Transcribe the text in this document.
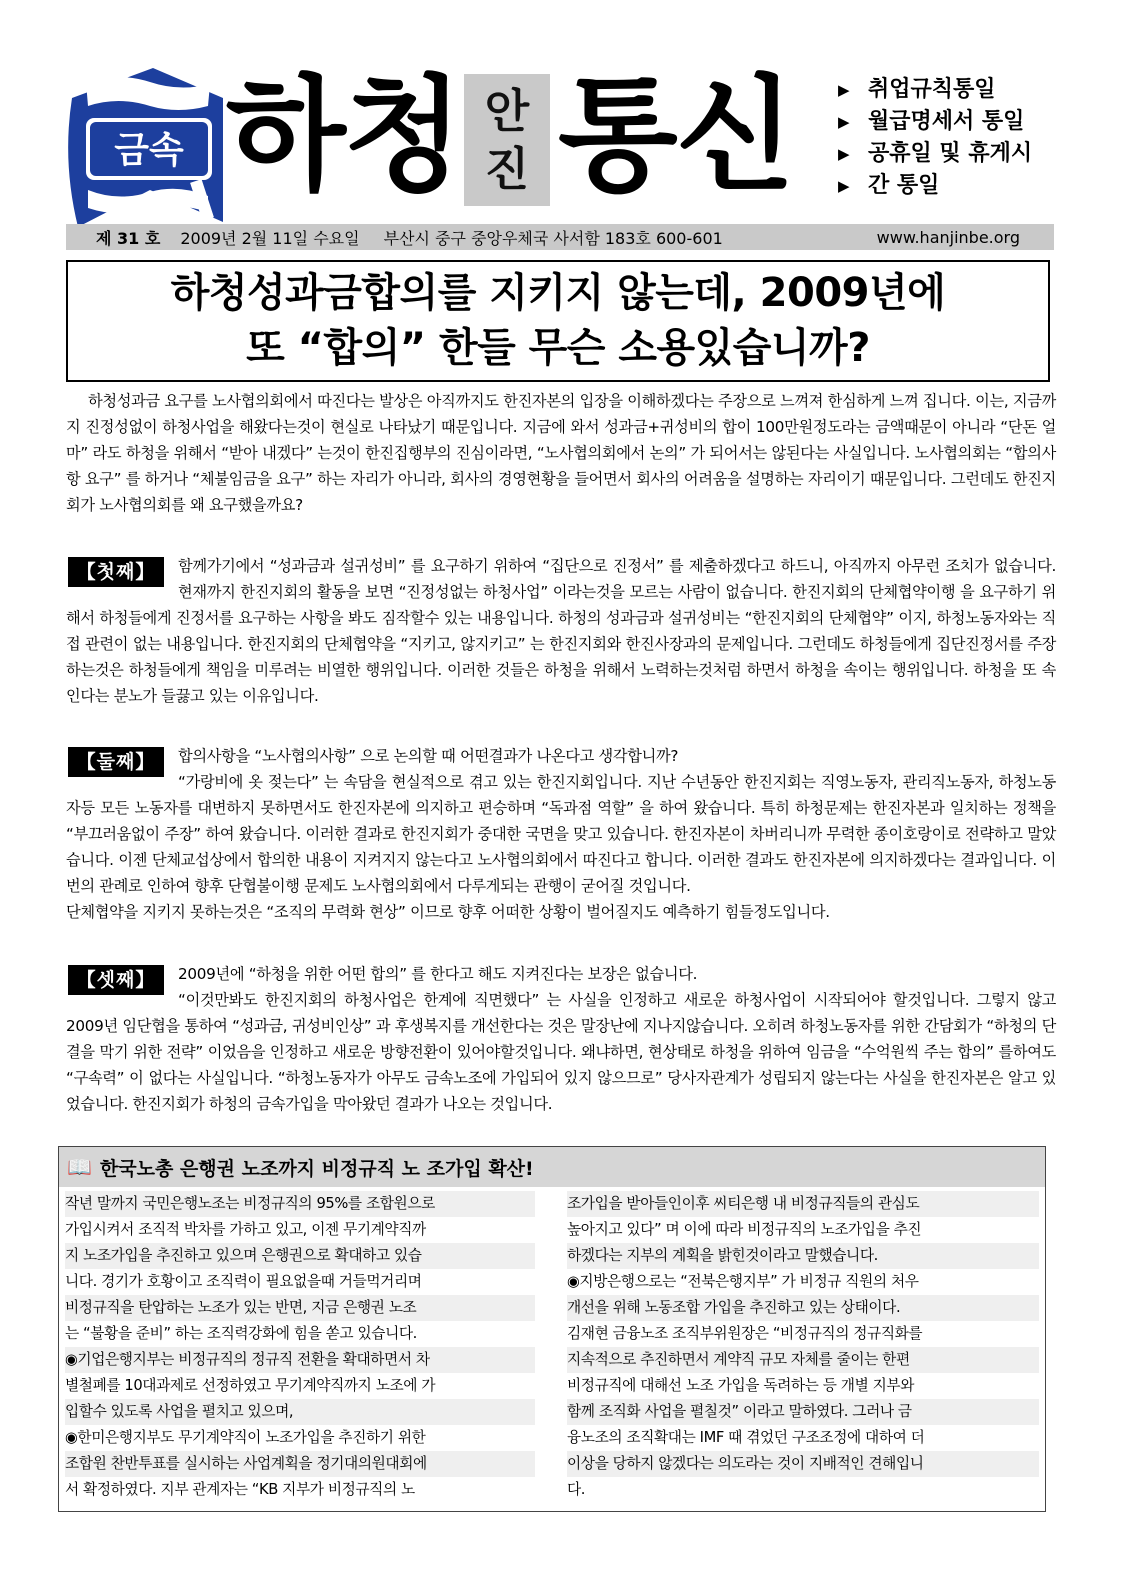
금속 하청 안
진 통신
▶	취업규칙통일
▶ 월급명세서 통일
▶ 공휴일 및 휴게시
▶ 간 통일
제 31 호 2009년 2월 11일 수요일 부산시 중구 중앙우체국 사서함 183호 600-601	www.hanjinbe.org
하청성과금합의를 지키지 않는데, 2009년에
또 “합의” 한들 무슨 소용있습니까?

하청성과금 요구를 노사협의회에서 따진다는 발상은 아직까지도 한진자본의 입장을 이해하겠다는 주장으로 느껴져 한심하게 느껴 집니다. 이는, 지금까지 진정성없이 하청사업을 해왔다는것이 현실로 나타났기 때문입니다. 지금에 와서 성과금+귀성비의 합이 100만원정도라는 금액때문이 아니라 “단돈 얼마” 라도 하청을 위해서 “받아 내겠다” 는것이 한진집행부의 진심이라면, “노사협의회에서 논의” 가 되어서는 않된다는 사실입니다. 노사협의회는 “합의사항 요구” 를 하거나 “체불임금을 요구” 하는 자리가 아니라, 회사의 경영현황을 들어면서 회사의 어려움을 설명하는 자리이기 때문입니다. 그런데도 한진지회가 노사협의회를 왜 요구했을까요?

【첫째】	함께가기에서 “성과금과 설귀성비” 를 요구하기 위하여 “집단으로 진정서” 를 제출하겠다고 하드니, 아직까지 아무런 조치가 없습니다. 현재까지 한진지회의 활동을 보면 “진정성없는 하청사업” 이라는것을 모르는 사람이 없습니다. 한진지회의 단체협약이행 을 요구하기 위해서 하청들에게 진정서를 요구하는 사항을 봐도 짐작할수 있는 내용입니다. 하청의 성과금과 설귀성비는 “한진지회의 단체협약” 이지, 하청노동자와는 직접 관련이 없는 내용입니다. 한진지회의 단체협약을 “지키고, 않지키고” 는 한진지회와 한진사장과의 문제입니다. 그런데도 하청들에게 집단진정서를 주장하는것은 하청들에게 책임을 미루려는 비열한 행위입니다. 이러한 것들은 하청을 위해서 노력하는것처럼 하면서 하청을 속이는 행위입니다. 하청을 또 속인다는 분노가 들끓고 있는 이유입니다.

【둘째】	합의사항을 “노사협의사항” 으로 논의할 때 어떤결과가 나온다고 생각합니까?

“가랑비에 옷 젖는다” 는 속담을 현실적으로 겪고 있는 한진지회입니다. 지난 수년동안 한진지회는 직영노동자, 관리직노동자, 하청노동자등 모든 노동자를 대변하지 못하면서도 한진자본에 의지하고 편승하며 “독과점 역할” 을 하여 왔습니다. 특히 하청문제는 한진자본과 일치하는 정책을 “부끄러움없이 주장” 하여 왔습니다. 이러한 결과로 한진지회가 중대한 국면을 맞고 있습니다. 한진자본이 차버리니까 무력한 종이호랑이로 전략하고 말았습니다. 이젠 단체교섭상에서 합의한 내용이 지켜지지 않는다고 노사협의회에서 따진다고 합니다. 이러한 결과도 한진자본에 의지하겠다는 결과입니다. 이번의 관례로 인하여 향후 단협불이행 문제도 노사협의회에서 다루게되는 관행이 굳어질 것입니다.

단체협약을 지키지 못하는것은 “조직의 무력화 현상” 이므로 향후 어떠한 상황이 벌어질지도 예측하기 힘들정도입니다.

【셋째】	2009년에 “하청을 위한 어떤 합의” 를 한다고 해도 지켜진다는 보장은 없습니다.

“이것만봐도 한진지회의 하청사업은 한계에 직면했다” 는 사실을 인정하고 새로운 하청사업이 시작되어야 할것입니다. 그렇지 않고 2009년 임단협을 통하여 “성과금, 귀성비인상” 과 후생복지를 개선한다는 것은 말장난에 지나지않습니다. 오히려 하청노동자를 위한 간담회가 “하청의 단결을 막기 위한 전략” 이었음을 인정하고 새로운 방향전환이 있어야할것입니다. 왜냐하면, 현상태로 하청을 위하여 임금을 “수억원씩 주는 합의” 를하여도 “구속력” 이 없다는 사실입니다. “하청노동자가 아무도 금속노조에 가입되어 있지 않으므로” 당사자관계가 성립되지 않는다는 사실을 한진자본은 알고 있었습니다. 한진지회가 하청의 금속가입을 막아왔던 결과가 나오는 것입니다.

📖 한국노총 은행권 노조까지 비정규직 노 조가입 확산!
작년 말까지 국민은행노조는 비정규직의 95%를 조합원으로
가입시켜서 조직적 박차를 가하고 있고, 이젠 무기계약직까
지 노조가입을 추진하고 있으며 은행권으로 확대하고 있습
니다. 경기가 호황이고 조직력이 필요없을때 거들먹거리며
비정규직을 탄압하는 노조가 있는 반면, 지금 은행권 노조
는 “불황을 준비” 하는 조직력강화에 힘을 쏟고 있습니다.
◉기업은행지부는 비정규직의 정규직 전환을 확대하면서 차
별철폐를 10대과제로 선정하였고 무기계약직까지 노조에 가
입할수 있도록 사업을 펼치고 있으며,
◉한미은행지부도 무기계약직이 노조가입을 추진하기 위한
조합원 찬반투표를 실시하는 사업계획을 정기대의원대회에
서 확정하였다. 지부 관계자는 “KB 지부가 비정규직의 노
조가입을 받아들인이후 씨티은행 내 비정규직들의 관심도
높아지고 있다” 며 이에 따라 비정규직의 노조가입을 추진
하겠다는 지부의 계획을 밝힌것이라고 말했습니다.
◉지방은행으로는 “전북은행지부” 가 비정규 직원의 처우
개선을 위해 노동조합 가입을 추진하고 있는 상태이다.
김재현 금융노조 조직부위원장은 “비정규직의 정규직화를
지속적으로 추진하면서 계약직 규모 자체를 줄이는 한편
비정규직에 대해선 노조 가입을 독려하는 등 개별 지부와
함께 조직화 사업을 펼칠것” 이라고 말하였다. 그러나 금
융노조의 조직확대는 IMF 때 겪었던 구조조정에 대하여 더
이상을 당하지 않겠다는 의도라는 것이 지배적인 견해입니
다.
